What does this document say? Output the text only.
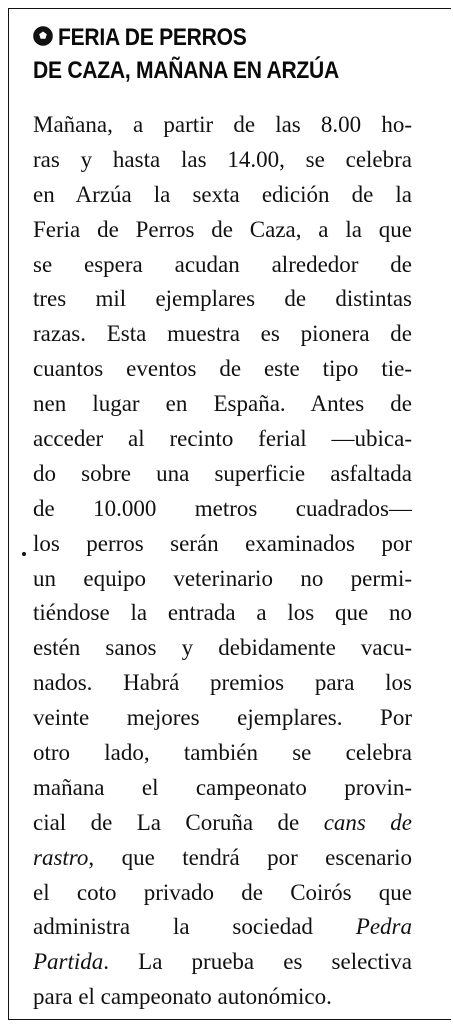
FERIA DE PERROS
DE CAZA, MAÑANA EN ARZÚA
Mañana, a partir de las 8.00 ho-
ras y hasta las 14.00, se celebra
en Arzúa la sexta edición de la
Feria de Perros de Caza, a la que
se espera acudan alrededor de
tres mil ejemplares de distintas
razas. Esta muestra es pionera de
cuantos eventos de este tipo tie-
nen lugar en España. Antes de
acceder al recinto ferial —ubica-
do sobre una superficie asfaltada
de 10.000 metros cuadrados—
los perros serán examinados por
un equipo veterinario no permi-
tiéndose la entrada a los que no
estén sanos y debidamente vacu-
nados. Habrá premios para los
veinte mejores ejemplares. Por
otro lado, también se celebra
mañana el campeonato provin-
cial de La Coruña de cans de
rastro, que tendrá por escenario
el coto privado de Coirós que
administra la sociedad Pedra
Partida. La prueba es selectiva
para el campeonato autonómico.
